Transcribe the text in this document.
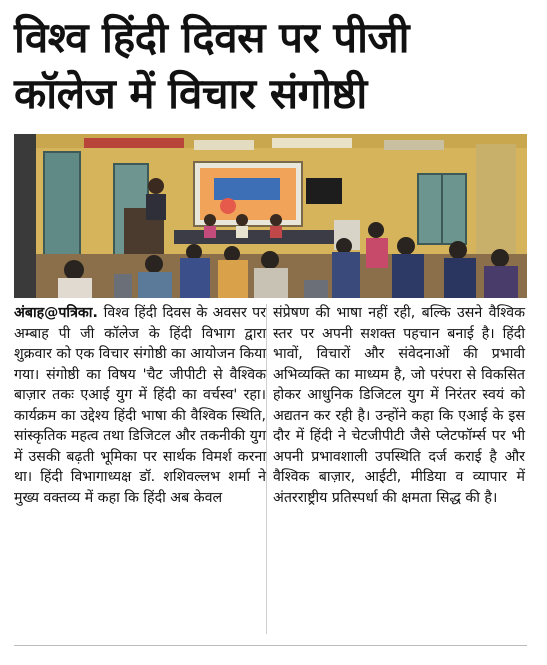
विश्व हिंदी दिवस पर पीजी
कॉलेज में विचार संगोष्ठी
अंबाह@पत्रिका. विश्व हिंदी दिवस के अवसर पर अम्बाह पी जी कॉलेज के हिंदी विभाग द्वारा शुक्रवार को एक विचार संगोष्ठी का आयोजन किया गया। संगोष्ठी का विषय 'चैट जीपीटी से वैश्विक बाज़ार तकः एआई युग में हिंदी का वर्चस्व' रहा। कार्यक्रम का उद्देश्य हिंदी भाषा की वैश्विक स्थिति, सांस्कृतिक महत्व तथा डिजिटल और तकनीकी युग में उसकी बढ़ती भूमिका पर सार्थक विमर्श करना था। हिंदी विभागाध्यक्ष डॉ. शशिवल्लभ शर्मा ने मुख्य वक्तव्य में कहा कि हिंदी अब केवल
संप्रेषण की भाषा नहीं रही, बल्कि उसने वैश्विक स्तर पर अपनी सशक्त पहचान बनाई है। हिंदी भावों, विचारों और संवेदनाओं की प्रभावी अभिव्यक्ति का माध्यम है, जो परंपरा से विकसित होकर आधुनिक डिजिटल युग में निरंतर स्वयं को अद्यतन कर रही है। उन्होंने कहा कि एआई के इस दौर में हिंदी ने चेटजीपीटी जैसे प्लेटफॉर्म्स पर भी अपनी प्रभावशाली उपस्थिति दर्ज कराई है और वैश्विक बाज़ार, आईटी, मीडिया व व्यापार में अंतरराष्ट्रीय प्रतिस्पर्धा की क्षमता सिद्ध की है।
